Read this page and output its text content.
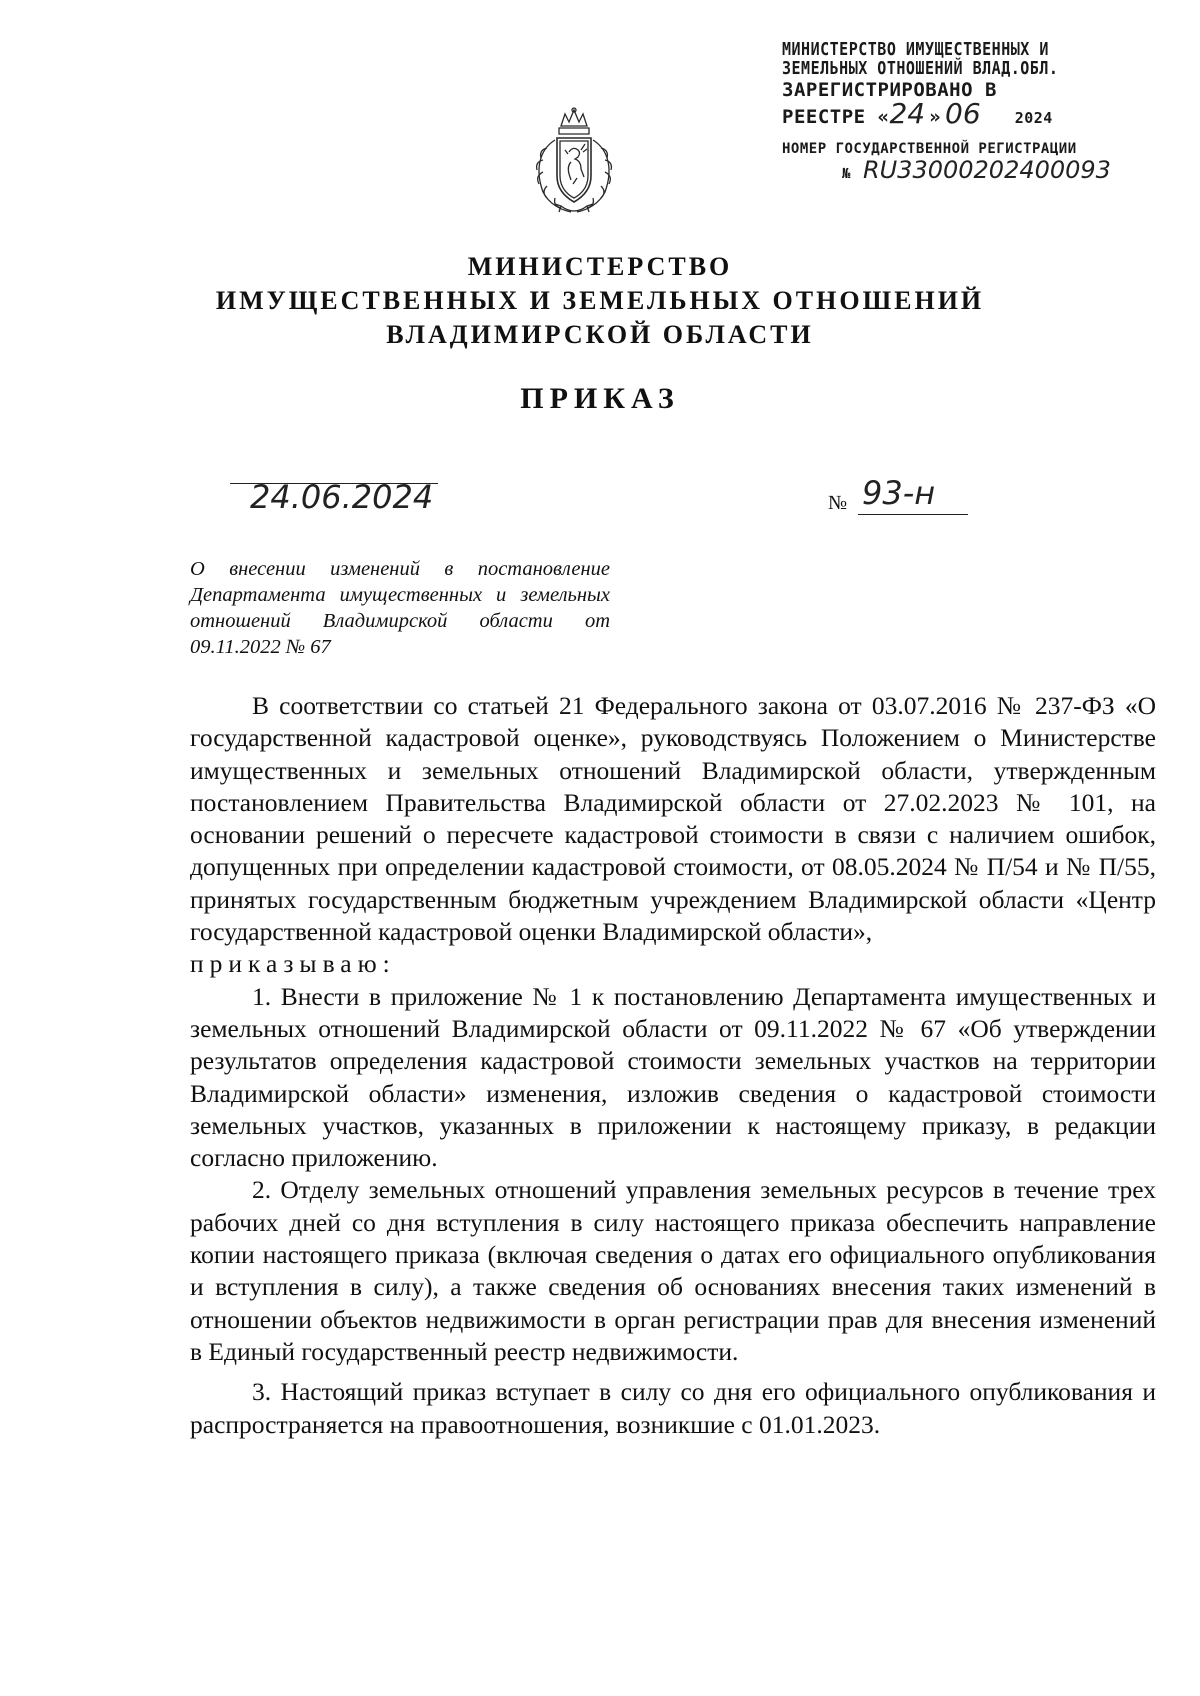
МИНИСТЕРСТВО ИМУЩЕСТВЕННЫХ И
ЗЕМЕЛЬНЫХ ОТНОШЕНИЙ ВЛАД.ОБЛ.
ЗАРЕГИСТРИРОВАНО В
РЕЕСТРЕ « 24 » 06 2024
НОМЕР ГОСУДАРСТВЕННОЙ РЕГИСТРАЦИИ
№ RU33000202400093
МИНИСТЕРСТВО
ИМУЩЕСТВЕННЫХ И ЗЕМЕЛЬНЫХ ОТНОШЕНИЙ
ВЛАДИМИРСКОЙ ОБЛАСТИ
ПРИКАЗ
24.06.2024	№ 93-н
О внесении изменений в постановление Департамента имущественных и земельных отношений Владимирской области от 09.11.2022 № 67

В соответствии со статьей 21 Федерального закона от 03.07.2016 № 237-ФЗ «О государственной кадастровой оценке», руководствуясь Положением о Министерстве имущественных и земельных отношений Владимирской области, утвержденным постановлением Правительства Владимирской области от 27.02.2023 № 101, на основании решений о пересчете кадастровой стоимости в связи с наличием ошибок, допущенных при определении кадастровой стоимости, от 08.05.2024 № П/54 и № П/55, принятых государственным бюджетным учреждением Владимирской области «Центр государственной кадастровой оценки Владимирской области»,
приказываю:

1. Внести в приложение № 1 к постановлению Департамента имущественных и земельных отношений Владимирской области от 09.11.2022 № 67 «Об утверждении результатов определения кадастровой стоимости земельных участков на территории Владимирской области» изменения, изложив сведения о кадастровой стоимости земельных участков, указанных в приложении к настоящему приказу, в редакции согласно приложению.

2. Отделу земельных отношений управления земельных ресурсов в течение трех рабочих дней со дня вступления в силу настоящего приказа обеспечить направление копии настоящего приказа (включая сведения о датах его официального опубликования и вступления в силу), а также сведения об основаниях внесения таких изменений в отношении объектов недвижимости в орган регистрации прав для внесения изменений в Единый государственный реестр недвижимости.

3. Настоящий приказ вступает в силу со дня его официального опубликования и распространяется на правоотношения, возникшие с 01.01.2023.
